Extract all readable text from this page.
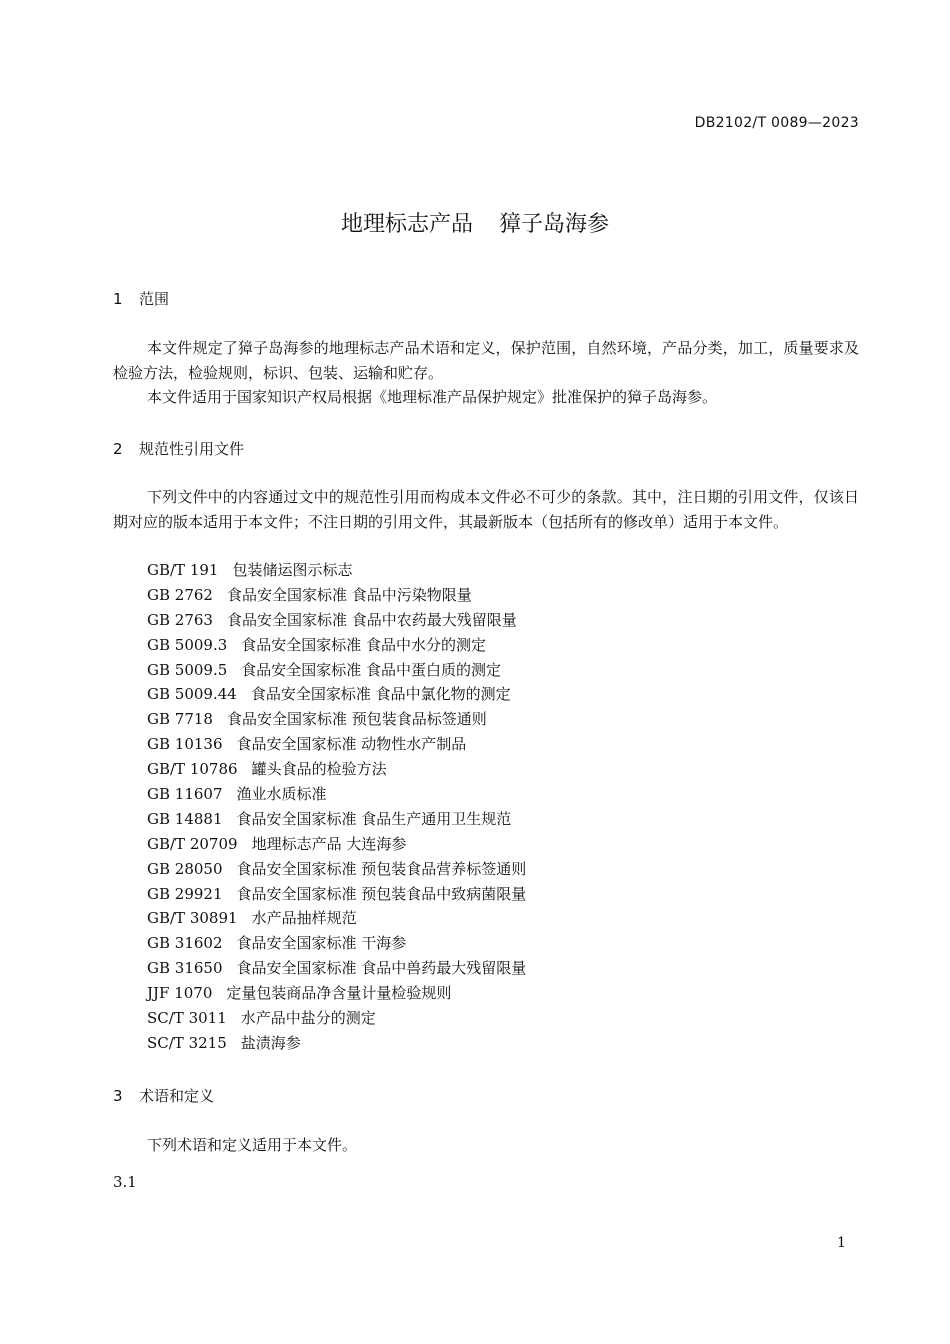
DB2102/T 0089—2023
地理标志产品 獐子岛海参
1 范围
本文件规定了獐子岛海参的地理标志产品术语和定义，保护范围，自然环境，产品分类，加工，质量要求及检验方法，检验规则，标识、包装、运输和贮存。
本文件适用于国家知识产权局根据《地理标准产品保护规定》批准保护的獐子岛海参。
2 规范性引用文件
下列文件中的内容通过文中的规范性引用而构成本文件必不可少的条款。其中，注日期的引用文件，仅该日期对应的版本适用于本文件；不注日期的引用文件，其最新版本（包括所有的修改单）适用于本文件。
GB/T 191 包装储运图示标志
GB 2762 食品安全国家标准 食品中污染物限量
GB 2763 食品安全国家标准 食品中农药最大残留限量
GB 5009.3 食品安全国家标准 食品中水分的测定
GB 5009.5 食品安全国家标准 食品中蛋白质的测定
GB 5009.44 食品安全国家标准 食品中氯化物的测定
GB 7718 食品安全国家标准 预包装食品标签通则
GB 10136 食品安全国家标准 动物性水产制品
GB/T 10786 罐头食品的检验方法
GB 11607 渔业水质标准
GB 14881 食品安全国家标准 食品生产通用卫生规范
GB/T 20709 地理标志产品 大连海参
GB 28050 食品安全国家标准 预包装食品营养标签通则
GB 29921 食品安全国家标准 预包装食品中致病菌限量
GB/T 30891 水产品抽样规范
GB 31602 食品安全国家标准 干海参
GB 31650 食品安全国家标准 食品中兽药最大残留限量
JJF 1070 定量包装商品净含量计量检验规则
SC/T 3011 水产品中盐分的测定
SC/T 3215 盐渍海参
3 术语和定义
下列术语和定义适用于本文件。
3.1
1
